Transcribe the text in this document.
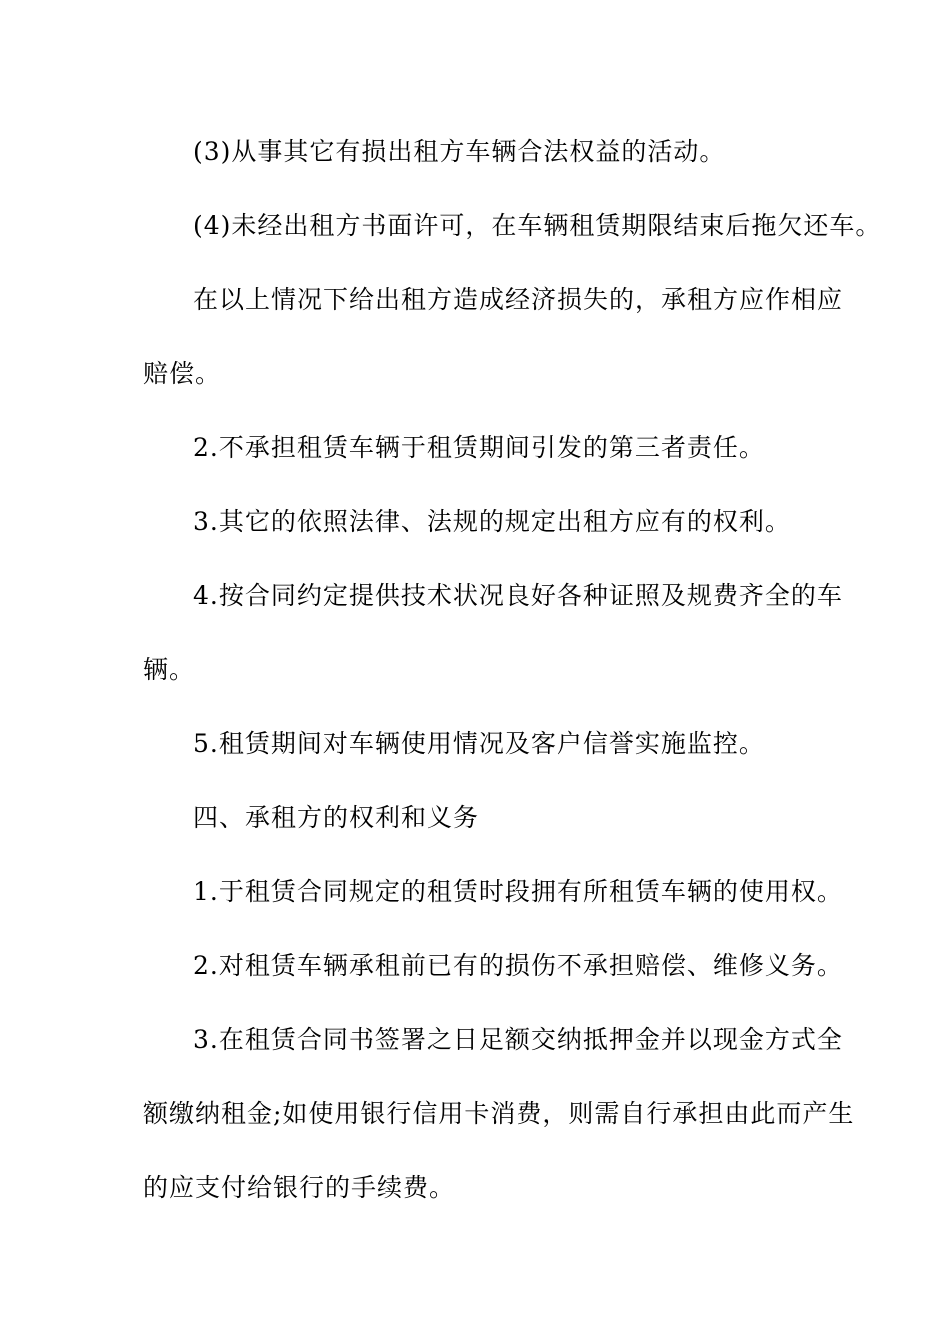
(3)从事其它有损出租方车辆合法权益的活动。

(4)未经出租方书面许可，在车辆租赁期限结束后拖欠还车。

在以上情况下给出租方造成经济损失的，承租方应作相应

赔偿。

2.不承担租赁车辆于租赁期间引发的第三者责任。

3.其它的依照法律、法规的规定出租方应有的权利。

4.按合同约定提供技术状况良好各种证照及规费齐全的车

辆。

5.租赁期间对车辆使用情况及客户信誉实施监控。

四、承租方的权利和义务

1.于租赁合同规定的租赁时段拥有所租赁车辆的使用权。

2.对租赁车辆承租前已有的损伤不承担赔偿、维修义务。

3.在租赁合同书签署之日足额交纳抵押金并以现金方式全

额缴纳租金;如使用银行信用卡消费，则需自行承担由此而产生

的应支付给银行的手续费。
